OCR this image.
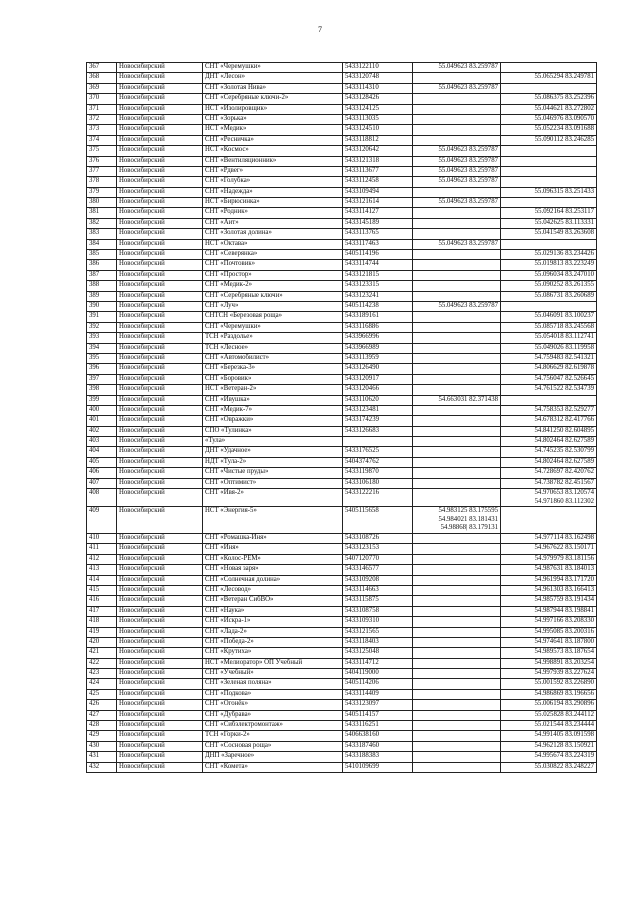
7
367	Новосибирский	СНТ «Черемушки»	5433122110	55.049623 83.259787	
368	Новосибирский	ДНТ «Лесон»	5433120748		55.065294 83.249781
369	Новосибирский	СНТ «Золотая Нива»	5433114310	55.049623 83.259787	
370	Новосибирский	СНТ «Серебряные ключи-2»	5433128426		55.086375 83.252396

371	Новосибирский	НСТ «Изолировщик»	5433124125		55.044621 83.272802
372	Новосибирский	СНТ «Зорька»	5433113035		55.046976 83.090570
373	Новосибирский	НСТ «Медик»	5433124510		55.052234 83.091688
374	Новосибирский	СНТ «Ресничка»	5433118812		55.090112 83.246285
375	Новосибирский	НСТ «Космос»	5433120642	55.049623 83.259787	
376	Новосибирский	СНТ «Вентиляционник»	5433121318	55.049623 83.259787	
377	Новосибирский	СНТ «Рдвег»	5433113677	55.049623 83.259787	
378	Новосибирский	СНТ «Голубка»	5433112458	55.049623 83.259787	
379	Новосибирский	СНТ «Надежда»	5433109494		55.096315 83.251433
380	Новосибирский	НСТ «Бирюсинка»	5433121614	55.049623 83.259787	
381	Новосибирский	СНТ «Родник»	5433114127		55.092164 83.253117
382	Новосибирский	СНТ «Аит»	5433145189		55.042625 83.113331
383	Новосибирский	СНТ «Золотая долина»	5433113765		55.041549 83.263608
384	Новосибирский	НСТ «Октава»	5433117463	55.049623 83.259787	
385	Новосибирский	СНТ «Северянка»	5405114196		55.029136 83.234426
386	Новосибирский	СНТ «Почтовик»	5433114744		55.019813 83.223249
387	Новосибирский	СНТ «Простор»	5433121815		55.096034 83.247010
388	Новосибирский	СНТ «Медик-2»	5433123315		55.090252 83.261355
389	Новосибирский	СНТ «Серебряные ключи»	5433123241		55.086731 83.260689
390	Новосибирский	СНТ «Луч»	5405114238	55.049623 83.259787	
391	Новосибирский	СНТСН «Березовая роща»	5433189161		55.046091 83.100237
392	Новосибирский	СНТ «Черемушки»	5433116886		55.085718 83.245568
393	Новосибирский	ТСН «Раздолье»	5433966996		55.054018 83.112741
394	Новосибирский	ТСН «Лесное»	5433966989		55.049026 83.119958
395	Новосибирский	СНТ «Автомобилист»	5433113959		54.759483 82.541321
396	Новосибирский	СНТ «Березка-3»	5433126490		54.806629 82.619878
397	Новосибирский	СНТ «Боровик»	5433120917		54.756047 82.526645
398	Новосибирский	НСТ «Ветеран-2»	5433120466		54.761522 82.534739
399	Новосибирский	СНТ «Ивушка»	5433110620	54.663031 82.371438	
400	Новосибирский	СНТ «Медик-7»	5433123481		54.758353 82.529277
401	Новосибирский	СНТ «Овражки»	5433174239		54.678312 82.417766
402	Новосибирский	СПО «Тулинка»	5433126683		54.841250 82.604895
403	Новосибирский	«Тула»			54.802464 82.627589
404	Новосибирский	ДНТ «Удачное»	5433176525		54.745235 82.530799
405	Новосибирский	НДТ «Тула-2»	5404374762		54.802464 82.627589
406	Новосибирский	СНТ «Чистые пруды»	5433119870		54.728697 82.420762
407	Новосибирский	СНТ «Оптимист»	5433106180		54.738782 82.451567
408	Новосибирский	СНТ «Ивя-2»	5433122216		54.970653 83.120574
54.971860 83.112302
409	Новосибирский	НСТ «Энергия-5»	5405115658	54.983125 83.175595
54.984021 83.181431
54.98868| 83.179131	
410	Новосибирский	СНТ «Ромашка-Иня»	5433108726		54.977114 83.162498
411	Новосибирский	СНТ «Иня»	5433123153		54.967622 83.150171
412	Новосибирский	СНТ «Колос-РЕМ»	5407120770		54.979979 83.181156
413	Новосибирский	СНТ «Новая заря»	5433146577		54.987631 83.184013
414	Новосибирский	СНТ «Солнечная долина»	5433109208		54.961994 83.171720
415	Новосибирский	СНТ «Лесовод»	5433114663		54.961303 83.166413
416	Новосибирский	СНТ «Ветеран СибВО»	5433115875		54.985759 83.191434
417	Новосибирский	СНТ «Наука»	5433108758		54.987944 83.198841
418	Новосибирский	СНТ «Искра-1»	5433109310		54.997166 83.208330
419	Новосибирский	СНТ «Лада-2»	5433121565		54.995085 83.200316
420	Новосибирский	СНТ «Победа-2»	5433118403		54.974641 83.187800
421	Новосибирский	СНТ «Крутиха»	5433125048		54.989573 83.187654
422	Новосибирский	НСТ «Мелиоратор» ОП Учебный	5433114712		54.998891 83.203254
423	Новосибирский	СНТ «Учебный»	5404119000		54.997939 83.227624
424	Новосибирский	СНТ «Зеленая поляна»	5405114206		55.001592 83.226890
425	Новосибирский	СНТ «Подкова»	5433114409		54.986869 83.196656
426	Новосибирский	СНТ «Огонёк»	5433123097		55.006194 83.290896
427	Новосибирский	СНТ «Дубрава»	5405114157		55.025828 83.244112
428	Новосибирский	СНТ «Сибэлектромонтаж»	5433116251		55.021544 83.234444
429	Новосибирский	ТСН «Горки-2»	5406638160		54.991405 83.091598
430	Новосибирский	СНТ «Сосновая роща»	5433187460		54.962128 83.150921
431	Новосибирский	ДНП «Заречное»	5433188383		54.995674 83.224319
432	Новосибирский	СНТ «Комета»	5410109699		55.030822 83.248227
